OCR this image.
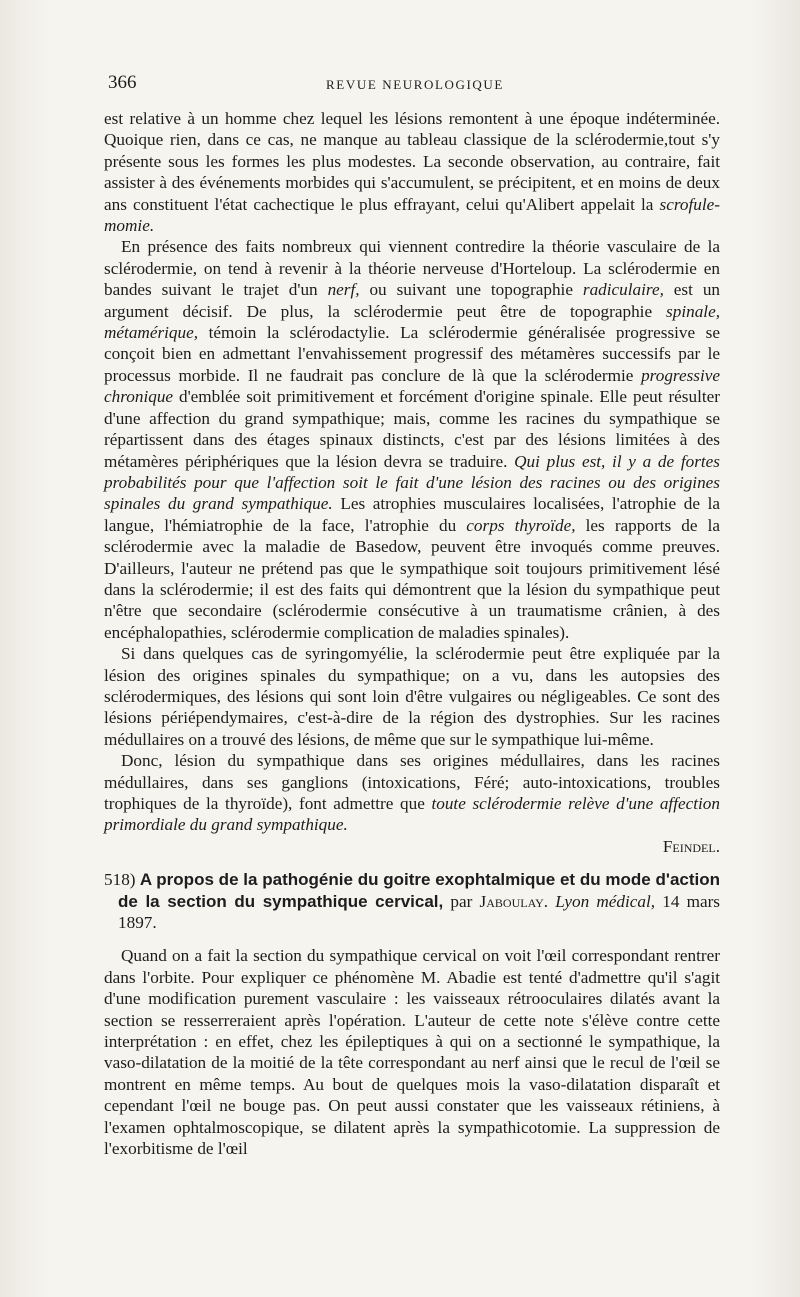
366	REVUE NEUROLOGIQUE

est relative à un homme chez lequel les lésions remontent à une époque indéterminée. Quoique rien, dans ce cas, ne manque au tableau classique de la sclérodermie,tout s'y présente sous les formes les plus modestes. La seconde observation, au contraire, fait assister à des événements morbides qui s'accumulent, se précipitent, et en moins de deux ans constituent l'état cachectique le plus effrayant, celui qu'Alibert appelait la scrofule-momie.

En présence des faits nombreux qui viennent contredire la théorie vasculaire de la sclérodermie, on tend à revenir à la théorie nerveuse d'Horteloup. La sclérodermie en bandes suivant le trajet d'un nerf, ou suivant une topographie radiculaire, est un argument décisif. De plus, la sclérodermie peut être de topographie spinale, métamérique, témoin la sclérodactylie. La sclérodermie généralisée progressive se conçoit bien en admettant l'envahissement progressif des métamères successifs par le processus morbide. Il ne faudrait pas conclure de là que la sclérodermie progressive chronique d'emblée soit primitivement et forcément d'origine spinale. Elle peut résulter d'une affection du grand sympathique; mais, comme les racines du sympathique se répartissent dans des étages spinaux distincts, c'est par des lésions limitées à des métamères périphériques que la lésion devra se traduire. Qui plus est, il y a de fortes probabilités pour que l'affection soit le fait d'une lésion des racines ou des origines spinales du grand sympathique. Les atrophies musculaires localisées, l'atrophie de la langue, l'hémiatrophie de la face, l'atrophie du corps thyroïde, les rapports de la sclérodermie avec la maladie de Basedow, peuvent être invoqués comme preuves. D'ailleurs, l'auteur ne prétend pas que le sympathique soit toujours primitivement lésé dans la sclérodermie; il est des faits qui démontrent que la lésion du sympathique peut n'être que secondaire (sclérodermie consécutive à un traumatisme crânien, à des encéphalopathies, sclérodermie complication de maladies spinales).

Si dans quelques cas de syringomyélie, la sclérodermie peut être expliquée par la lésion des origines spinales du sympathique; on a vu, dans les autopsies des sclérodermiques, des lésions qui sont loin d'être vulgaires ou négligeables. Ce sont des lésions périépendymaires, c'est-à-dire de la région des dystrophies. Sur les racines médullaires on a trouvé des lésions, de même que sur le sympathique lui-même.

Donc, lésion du sympathique dans ses origines médullaires, dans les racines médullaires, dans ses ganglions (intoxications, Féré; auto-intoxications, troubles trophiques de la thyroïde), font admettre que toute sclérodermie relève d'une affection primordiale du grand sympathique.
Feindel.

518) A propos de la pathogénie du goitre exophtalmique et du mode d'action de la section du sympathique cervical, par Jaboulay. Lyon médical, 14 mars 1897.

Quand on a fait la section du sympathique cervical on voit l'œil correspondant rentrer dans l'orbite. Pour expliquer ce phénomène M. Abadie est tenté d'admettre qu'il s'agit d'une modification purement vasculaire : les vaisseaux rétrooculaires dilatés avant la section se resserreraient après l'opération. L'auteur de cette note s'élève contre cette interprétation : en effet, chez les épileptiques à qui on a sectionné le sympathique, la vaso-dilatation de la moitié de la tête correspondant au nerf ainsi que le recul de l'œil se montrent en même temps. Au bout de quelques mois la vaso-dilatation disparaît et cependant l'œil ne bouge pas. On peut aussi constater que les vaisseaux rétiniens, à l'examen ophtalmoscopique, se dilatent après la sympathicotomie. La suppression de l'exorbitisme de l'œil
